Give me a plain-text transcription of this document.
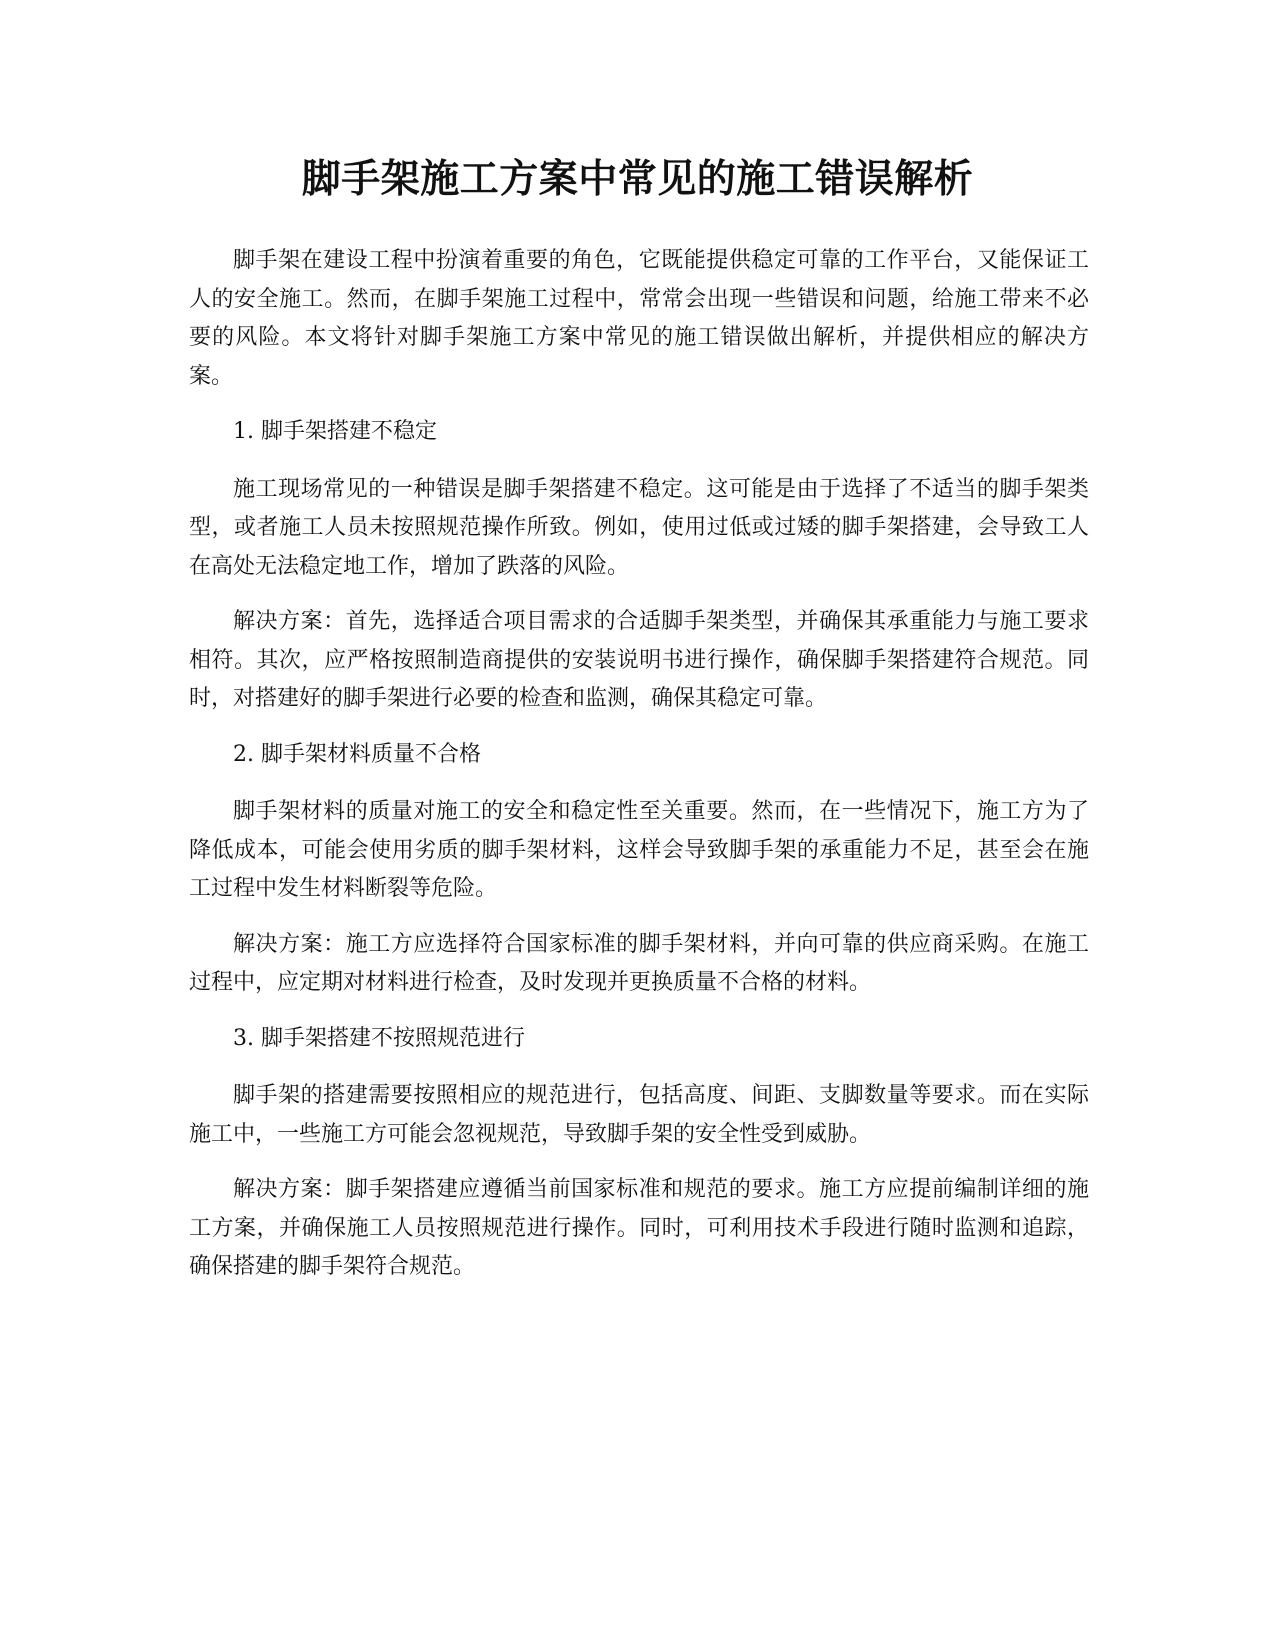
脚手架施工方案中常见的施工错误解析

脚手架在建设工程中扮演着重要的角色，它既能提供稳定可靠的工作平台，又能保证工人的安全施工。然而，在脚手架施工过程中，常常会出现一些错误和问题，给施工带来不必要的风险。本文将针对脚手架施工方案中常见的施工错误做出解析，并提供相应的解决方案。

1. 脚手架搭建不稳定

施工现场常见的一种错误是脚手架搭建不稳定。这可能是由于选择了不适当的脚手架类型，或者施工人员未按照规范操作所致。例如，使用过低或过矮的脚手架搭建，会导致工人在高处无法稳定地工作，增加了跌落的风险。

解决方案：首先，选择适合项目需求的合适脚手架类型，并确保其承重能力与施工要求相符。其次，应严格按照制造商提供的安装说明书进行操作，确保脚手架搭建符合规范。同时，对搭建好的脚手架进行必要的检查和监测，确保其稳定可靠。

2. 脚手架材料质量不合格

脚手架材料的质量对施工的安全和稳定性至关重要。然而，在一些情况下，施工方为了降低成本，可能会使用劣质的脚手架材料，这样会导致脚手架的承重能力不足，甚至会在施工过程中发生材料断裂等危险。

解决方案：施工方应选择符合国家标准的脚手架材料，并向可靠的供应商采购。在施工过程中，应定期对材料进行检查，及时发现并更换质量不合格的材料。

3. 脚手架搭建不按照规范进行

脚手架的搭建需要按照相应的规范进行，包括高度、间距、支脚数量等要求。而在实际施工中，一些施工方可能会忽视规范，导致脚手架的安全性受到威胁。

解决方案：脚手架搭建应遵循当前国家标准和规范的要求。施工方应提前编制详细的施工方案，并确保施工人员按照规范进行操作。同时，可利用技术手段进行随时监测和追踪，确保搭建的脚手架符合规范。
